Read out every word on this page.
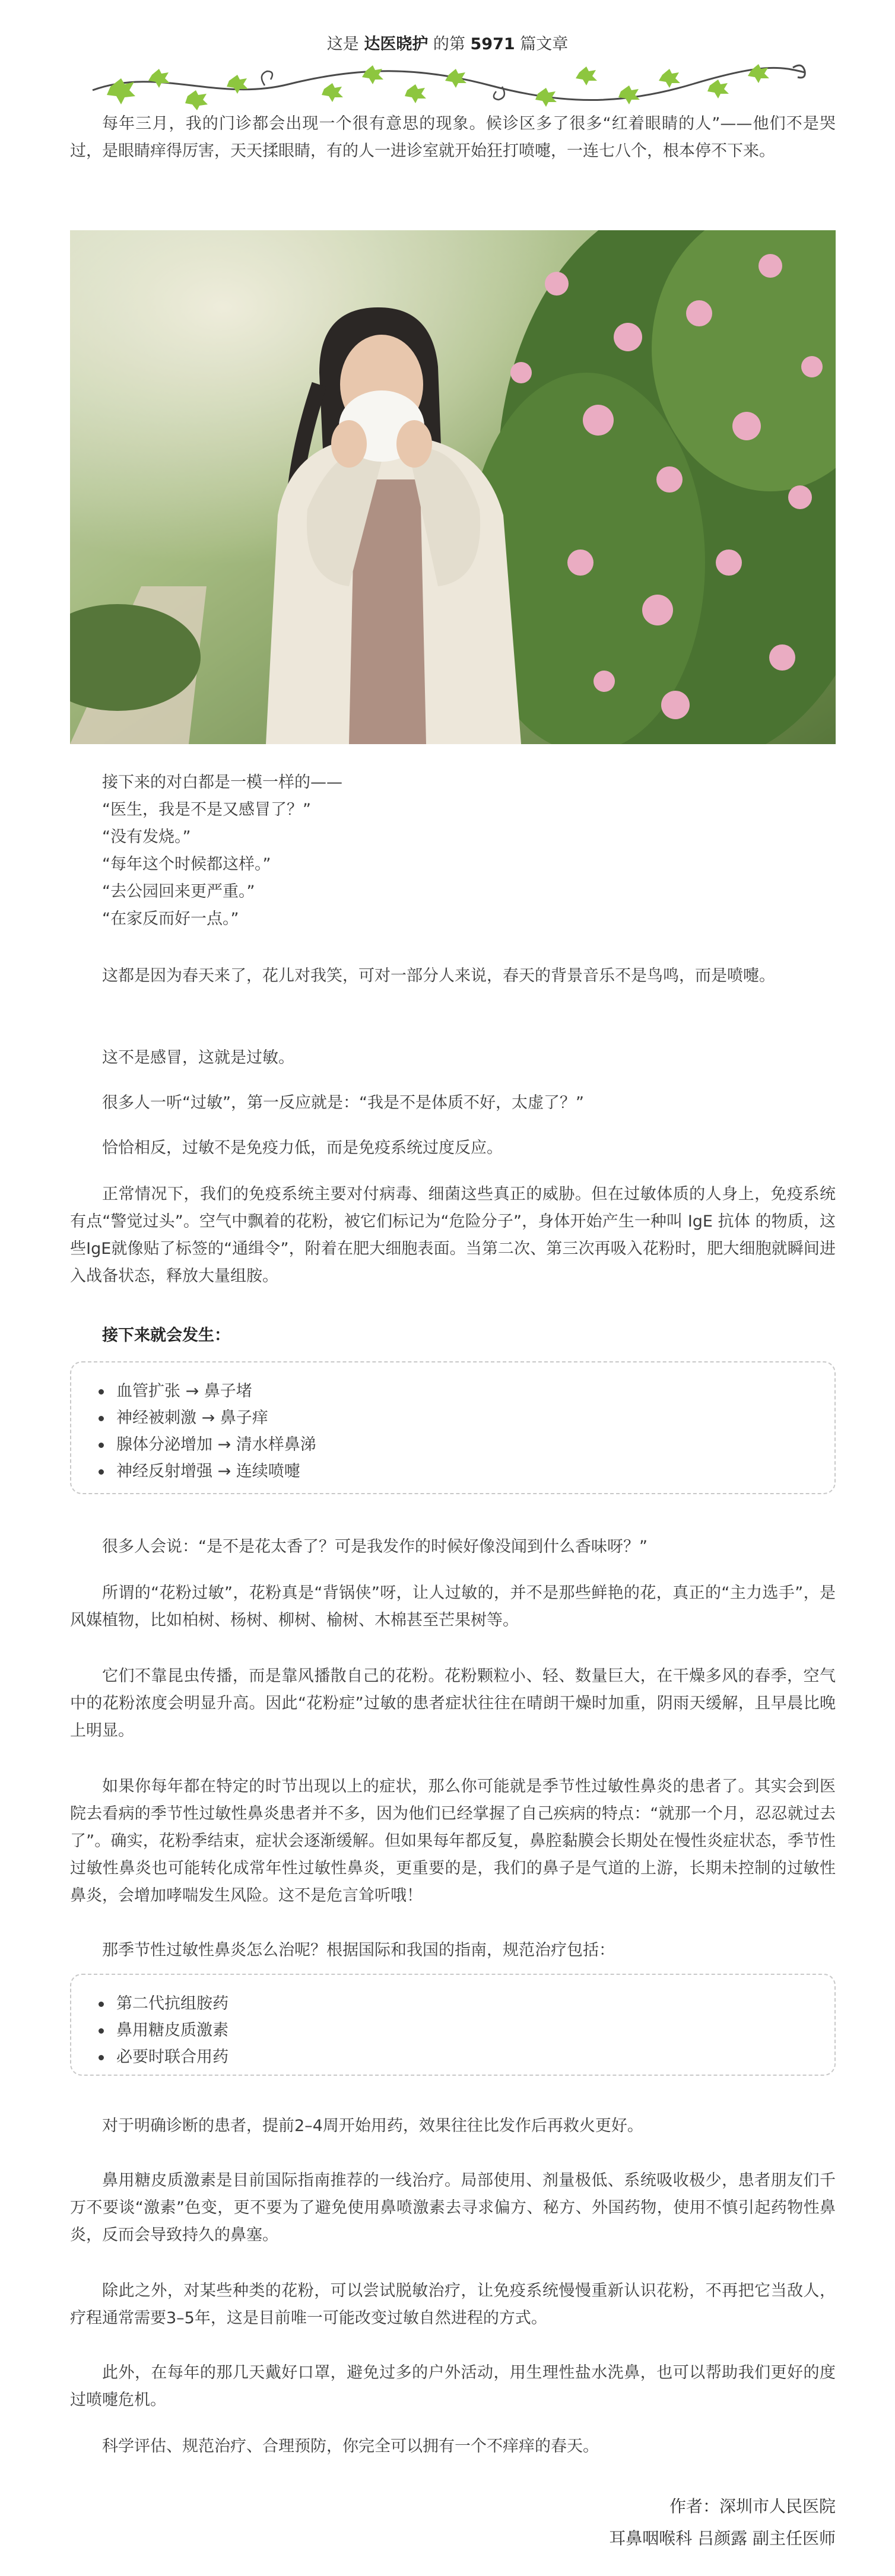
这是 达医晓护 的第 5971 篇文章

每年三月，我的门诊都会出现一个很有意思的现象。候诊区多了很多“红着眼睛的人”——他们不是哭过，是眼睛痒得厉害，天天揉眼睛，有的人一进诊室就开始狂打喷嚏，一连七八个，根本停不下来。

接下来的对白都是一模一样的——

“医生，我是不是又感冒了？”
“没有发烧。”
“每年这个时候都这样。”
“去公园回来更严重。”
“在家反而好一点。”

这都是因为春天来了，花儿对我笑，可对一部分人来说，春天的背景音乐不是鸟鸣，而是喷嚏。

这不是感冒，这就是过敏。

很多人一听“过敏”，第一反应就是：“我是不是体质不好，太虚了？”

恰恰相反，过敏不是免疫力低，而是免疫系统过度反应。

正常情况下，我们的免疫系统主要对付病毒、细菌这些真正的威胁。但在过敏体质的人身上，免疫系统有点“警觉过头”。空气中飘着的花粉，被它们标记为“危险分子”，身体开始产生一种叫 IgE 抗体 的物质，这些IgE就像贴了标签的“通缉令”，附着在肥大细胞表面。当第二次、第三次再吸入花粉时，肥大细胞就瞬间进入战备状态，释放大量组胺。

接下来就会发生：

血管扩张 → 鼻子堵
神经被刺激 → 鼻子痒
腺体分泌增加 → 清水样鼻涕
神经反射增强 → 连续喷嚏

很多人会说：“是不是花太香了？可是我发作的时候好像没闻到什么香味呀？”

所谓的“花粉过敏”，花粉真是“背锅侠”呀，让人过敏的，并不是那些鲜艳的花，真正的“主力选手”，是风媒植物，比如柏树、杨树、柳树、榆树、木棉甚至芒果树等。

它们不靠昆虫传播，而是靠风播散自己的花粉。花粉颗粒小、轻、数量巨大，在干燥多风的春季，空气中的花粉浓度会明显升高。因此“花粉症”过敏的患者症状往往在晴朗干燥时加重，阴雨天缓解，且早晨比晚上明显。

如果你每年都在特定的时节出现以上的症状，那么你可能就是季节性过敏性鼻炎的患者了。其实会到医院去看病的季节性过敏性鼻炎患者并不多，因为他们已经掌握了自己疾病的特点：“就那一个月，忍忍就过去了”。确实，花粉季结束，症状会逐渐缓解。但如果每年都反复，鼻腔黏膜会长期处在慢性炎症状态，季节性过敏性鼻炎也可能转化成常年性过敏性鼻炎，更重要的是，我们的鼻子是气道的上游，长期未控制的过敏性鼻炎，会增加哮喘发生风险。这不是危言耸听哦！

那季节性过敏性鼻炎怎么治呢？根据国际和我国的指南，规范治疗包括：

第二代抗组胺药
鼻用糖皮质激素
必要时联合用药

对于明确诊断的患者，提前2–4周开始用药，效果往往比发作后再救火更好。

鼻用糖皮质激素是目前国际指南推荐的一线治疗。局部使用、剂量极低、系统吸收极少，患者朋友们千万不要谈“激素”色变，更不要为了避免使用鼻喷激素去寻求偏方、秘方、外国药物，使用不慎引起药物性鼻炎，反而会导致持久的鼻塞。

除此之外，对某些种类的花粉，可以尝试脱敏治疗，让免疫系统慢慢重新认识花粉，不再把它当敌人，疗程通常需要3–5年，这是目前唯一可能改变过敏自然进程的方式。

此外，在每年的那几天戴好口罩，避免过多的户外活动，用生理性盐水洗鼻，也可以帮助我们更好的度过喷嚏危机。

科学评估、规范治疗、合理预防，你完全可以拥有一个不痒痒的春天。

作者：深圳市人民医院
耳鼻咽喉科 吕颜露 副主任医师
